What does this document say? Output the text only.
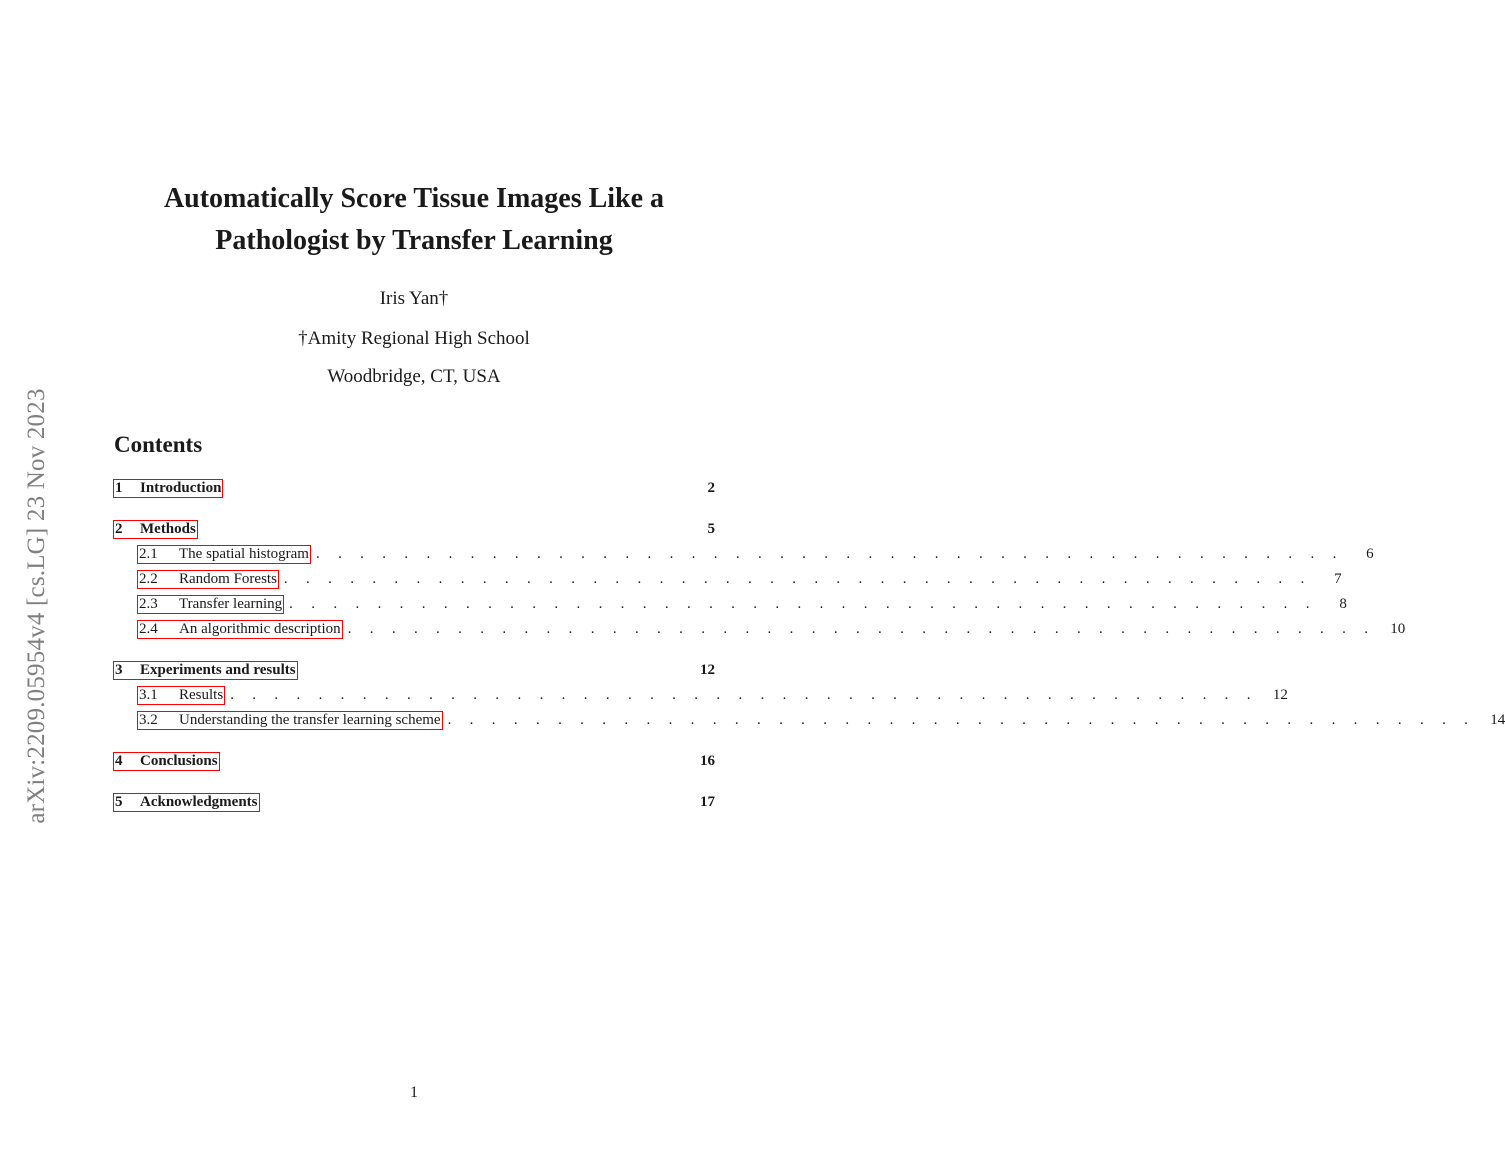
arXiv:2209.05954v4 [cs.LG] 23 Nov 2023
Automatically Score Tissue Images Like a
Pathologist by Transfer Learning
Iris Yan†
†Amity Regional High School
Woodbridge, CT, USA
Contents
1 Introduction	2
2 Methods	5
2.1 The spatial histogram . . . . . . . . . . . . . . . . . . . . . . . . . . . . . . . . . . . . . . . . . . . . . . .	6
2.2 Random Forests . . . . . . . . . . . . . . . . . . . . . . . . . . . . . . . . . . . . . . . . . . . . . . .	7
2.3 Transfer learning . . . . . . . . . . . . . . . . . . . . . . . . . . . . . . . . . . . . . . . . . . . . . . .	8
2.4 An algorithmic description . . . . . . . . . . . . . . . . . . . . . . . . . . . . . . . . . . . . . . . . . . . . . . .	10
3 Experiments and results	12
3.1 Results . . . . . . . . . . . . . . . . . . . . . . . . . . . . . . . . . . . . . . . . . . . . . . .	12
3.2 Understanding the transfer learning scheme . . . . . . . . . . . . . . . . . . . . . . . . . . . . . . . . . . . . . . . . . . . . . . .	14
4 Conclusions	16
5 Acknowledgments	17
1
